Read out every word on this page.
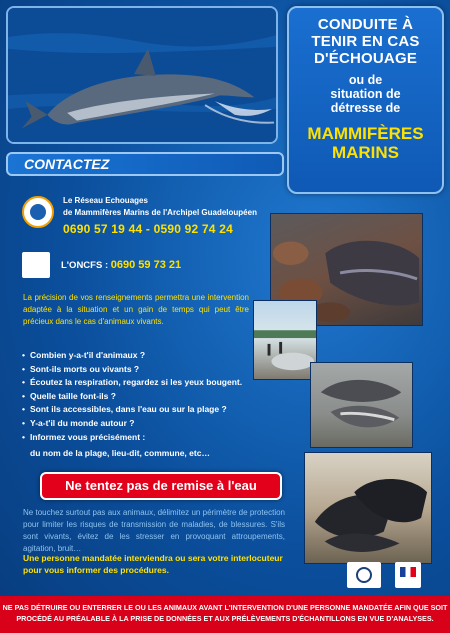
CONDUITE À
TENIR EN CAS
D'ÉCHOUAGE
ou de
situation de
détresse de
MAMMIFÈRES
MARINS
CONTACTEZ
Le Réseau Echouages
de Mammifères Marins de l'Archipel Guadeloupéen
0690 57 19 44 - 0590 92 74 24
L'ONCFS : 0690 59 73 21
La précision de vos renseignements permettra une intervention adaptée à la situation et un gain de temps qui peut être précieux dans le cas d'animaux vivants.
• Combien y-a-t'il d'animaux ?
• Sont-ils morts ou vivants ?
• Écoutez la respiration, regardez si les yeux bougent.
• Quelle taille font-ils ?
• Sont ils accessibles, dans l'eau ou sur la plage ?
• Y-a-t'il du monde autour ?
• Informez vous précisément :
du nom de la plage, lieu-dit, commune, etc…
Ne tentez pas de remise à l'eau
Ne touchez surtout pas aux animaux, délimitez un périmètre de protection pour limiter les risques de transmission de maladies, de blessures. S'ils sont vivants, évitez de les stresser en provoquant attroupements, agitation, bruit…
Une personne mandatée interviendra ou sera votre interlocuteur pour vous informer des procédures.
NE PAS DÉTRUIRE OU ENTERRER LE OU LES ANIMAUX AVANT L'INTERVENTION D'UNE PERSONNE MANDATÉE AFIN QUE SOIT
PROCÉDÉ AU PRÉALABLE À LA PRISE DE DONNÉES ET AUX PRÉLÈVEMENTS D'ÉCHANTILLONS EN VUE D'ANALYSES.
